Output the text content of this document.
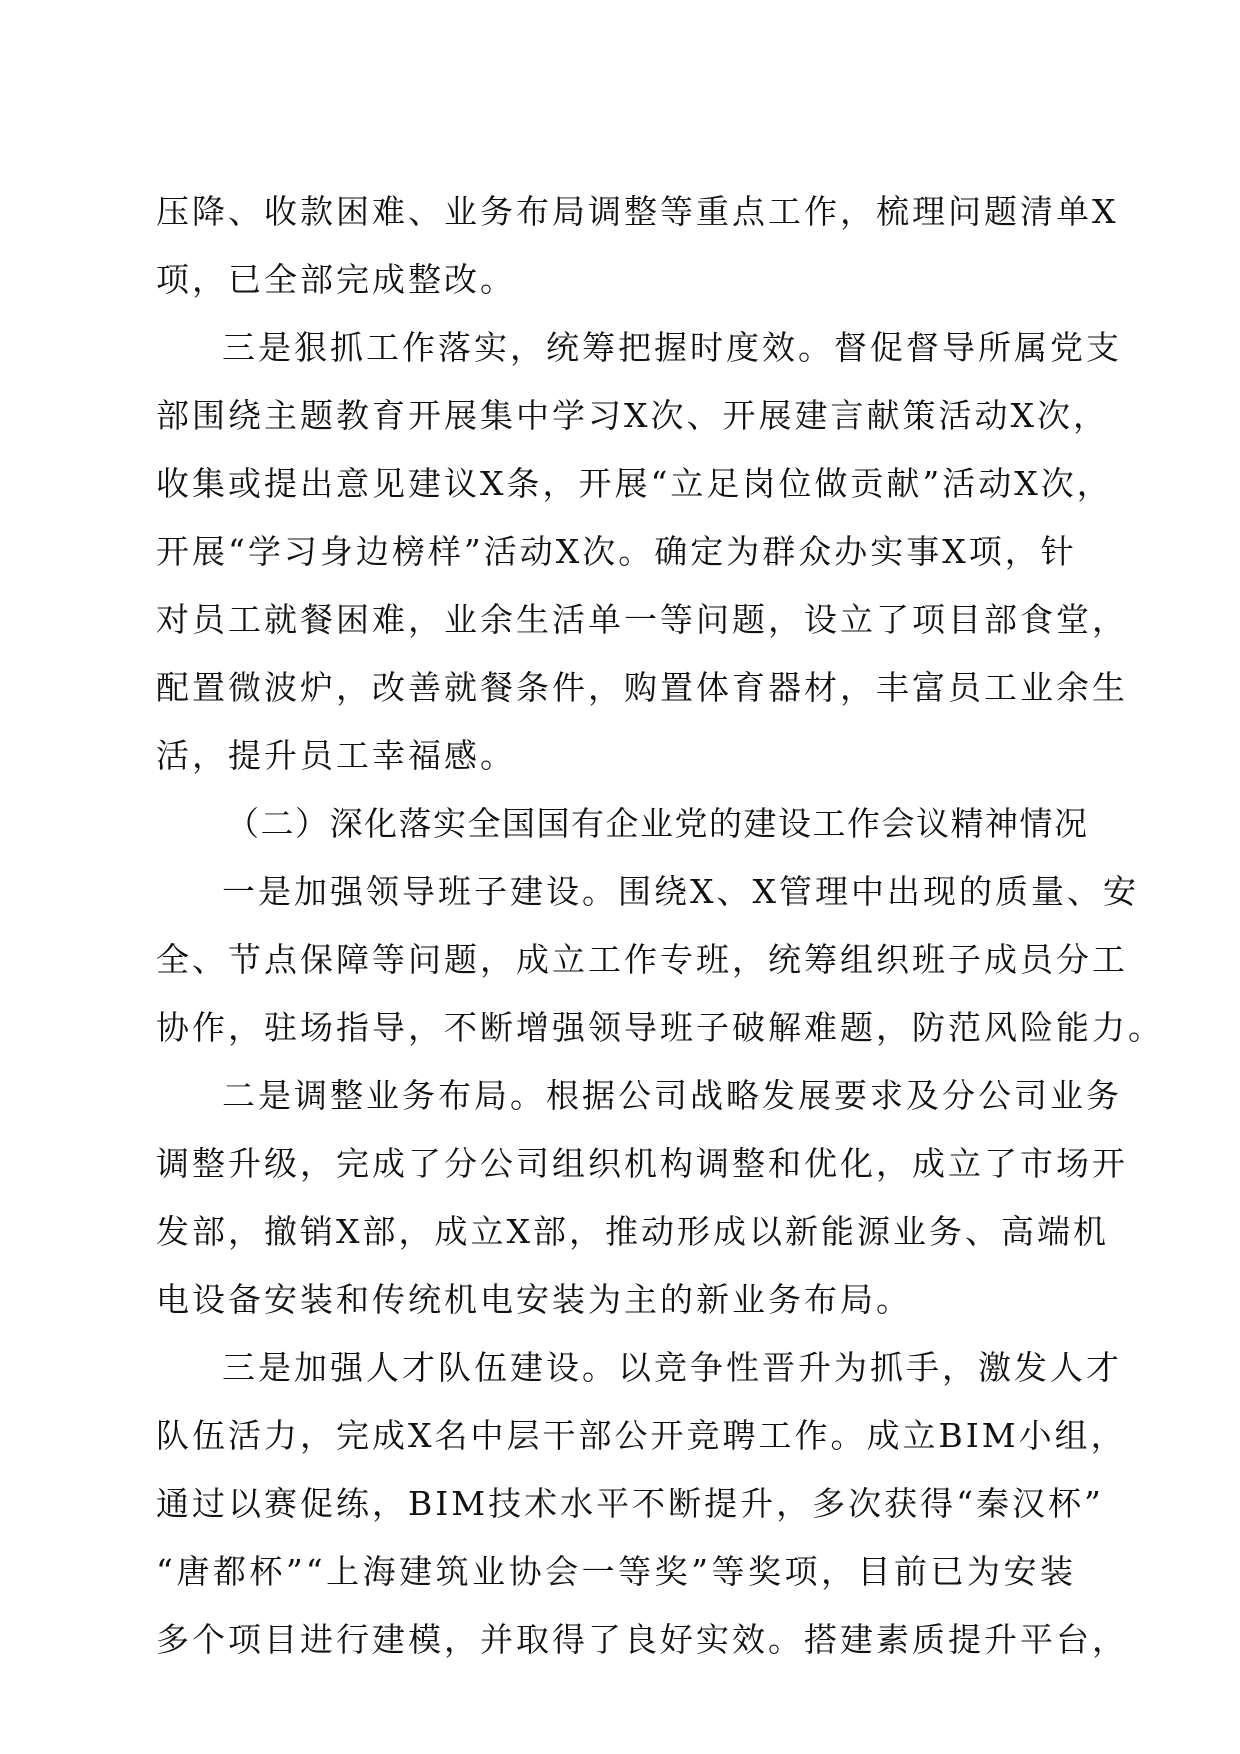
压降、收款困难、业务布局调整等重点工作，梳理问题清单X
项，已全部完成整改。
三是狠抓工作落实，统筹把握时度效。督促督导所属党支
部围绕主题教育开展集中学习X次、开展建言献策活动X次，
收集或提出意见建议X条，开展“立足岗位做贡献”活动X次，
开展“学习身边榜样”活动X次。确定为群众办实事X项，针
对员工就餐困难，业余生活单一等问题，设立了项目部食堂，
配置微波炉，改善就餐条件，购置体育器材，丰富员工业余生
活，提升员工幸福感。
（二）深化落实全国国有企业党的建设工作会议精神情况
一是加强领导班子建设。围绕X、X管理中出现的质量、安
全、节点保障等问题，成立工作专班，统筹组织班子成员分工
协作，驻场指导，不断增强领导班子破解难题，防范风险能力。
二是调整业务布局。根据公司战略发展要求及分公司业务
调整升级，完成了分公司组织机构调整和优化，成立了市场开
发部，撤销X部，成立X部，推动形成以新能源业务、高端机
电设备安装和传统机电安装为主的新业务布局。
三是加强人才队伍建设。以竞争性晋升为抓手，激发人才
队伍活力，完成X名中层干部公开竞聘工作。成立BIM小组，
通过以赛促练，BIM技术水平不断提升，多次获得“秦汉杯”
“唐都杯”“上海建筑业协会一等奖”等奖项，目前已为安装
多个项目进行建模，并取得了良好实效。搭建素质提升平台，
